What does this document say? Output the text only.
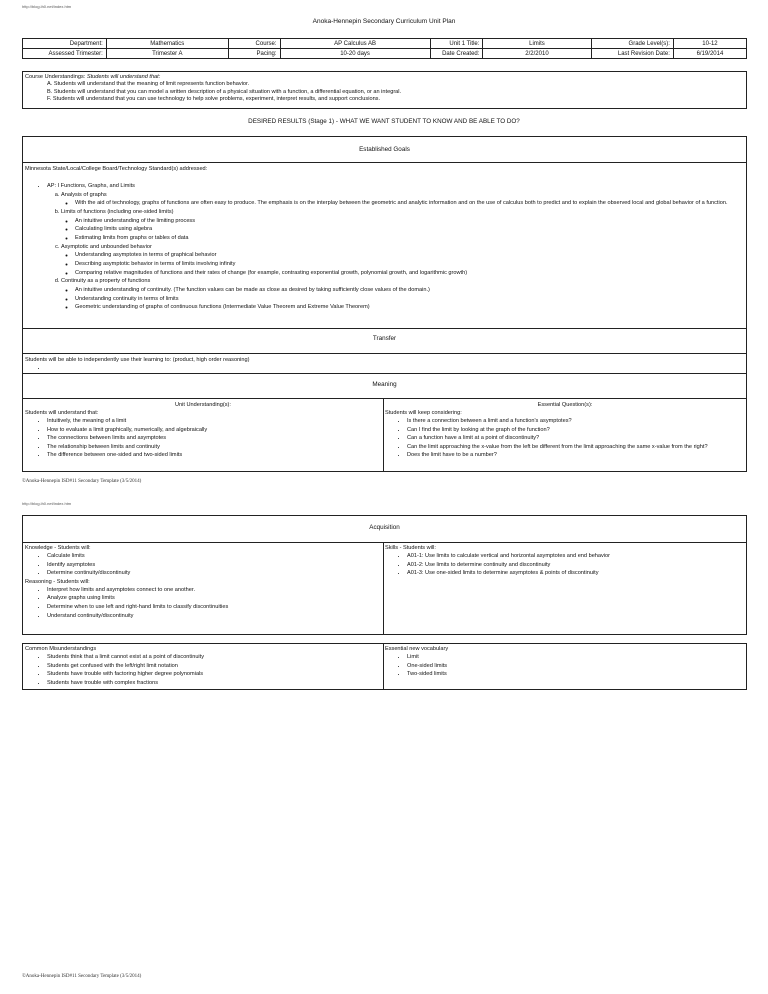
http://blog.ih0.net/index.htm
Anoka-Hennepin Secondary Curriculum Unit Plan
Department:	Mathematics	Course:	AP Calculus AB	Unit 1 Title:	Limits	Grade Level(s):	10-12
Assessed Trimester:	Trimester A	Pacing:	10-20 days	Date Created:	2/2/2010	Last Revision Date:	6/19/2014
Course Understandings: Students will understand that:
A. Students will understand that the meaning of limit represents function behavior.
B. Students will understand that you can model a written description of a physical situation with a function, a differential equation, or an integral.
F. Students will understand that you can use technology to help solve problems, experiment, interpret results, and support conclusions.
DESIRED RESULTS (Stage 1) - WHAT WE WANT STUDENT TO KNOW AND BE ABLE TO DO?
Established Goals
Minnesota State/Local/College Board/Technology Standard(s) addressed:
• AP: I Functions, Graphs, and Limits
a. Analysis of graphs
◦ With the aid of technology, graphs of functions are often easy to produce. The emphasis is on the interplay between the geometric and analytic information and on the use of calculus both to predict and to explain the observed local and global behavior of a function.
b. Limits of functions (including one-sided limits)
◦ An intuitive understanding of the limiting process
◦ Calculating limits using algebra
◦ Estimating limits from graphs or tables of data
c. Asymptotic and unbounded behavior
◦ Understanding asymptotes in terms of graphical behavior
◦ Describing asymptotic behavior in terms of limits involving infinity
◦ Comparing relative magnitudes of functions and their rates of change (for example, contrasting exponential growth, polynomial growth, and logarithmic growth)
d. Continuity as a property of functions
◦ An intuitive understanding of continuity. (The function values can be made as close as desired by taking sufficiently close values of the domain.)
◦ Understanding continuity in terms of limits
◦ Geometric understanding of graphs of continuous functions (Intermediate Value Theorem and Extreme Value Theorem)
Transfer
Students will be able to independently use their learning to: (product, high order reasoning)
Meaning
Unit Understanding(s):
Students will understand that:
• Intuitively, the meaning of a limit
• How to evaluate a limit graphically, numerically, and algebraically
• The connections between limits and asymptotes
• The relationship between limits and continuity
• The difference between one-sided and two-sided limits
Essential Question(s):
Students will keep considering:
• Is there a connection between a limit and a function's asymptotes?
• Can I find the limit by looking at the graph of the function?
• Can a function have a limit at a point of discontinuity?
• Can the limit approaching the x-value from the left be different from the limit approaching the same x-value from the right?
• Does the limit have to be a number?
©Anoka-Hennepin ISD#11 Secondary Template (3/5/2014)
http://blog.ih0.net/index.htm
Acquisition
Knowledge - Students will:
• Calculate limits
• Identify asymptotes
• Determine continuity/discontinuity
Reasoning - Students will:
• Interpret how limits and asymptotes connect to one another.
• Analyze graphs using limits
• Determine when to use left and right-hand limits to classify discontinuities
• Understand continuity/discontinuity
Skills - Students will:
• A01-1: Use limits to calculate vertical and horizontal asymptotes and end behavior
• A01-2: Use limits to determine continuity and discontinuity
• A01-3: Use one-sided limits to determine asymptotes & points of discontinuity
Common Misunderstandings
• Students think that a limit cannot exist at a point of discontinuity
• Students get confused with the left/right limit notation
• Students have trouble with factoring higher degree polynomials
• Students have trouble with complex fractions
Essential new vocabulary
• Limit
• One-sided limits
• Two-sided limits
©Anoka-Hennepin ISD#11 Secondary Template (3/5/2014)
